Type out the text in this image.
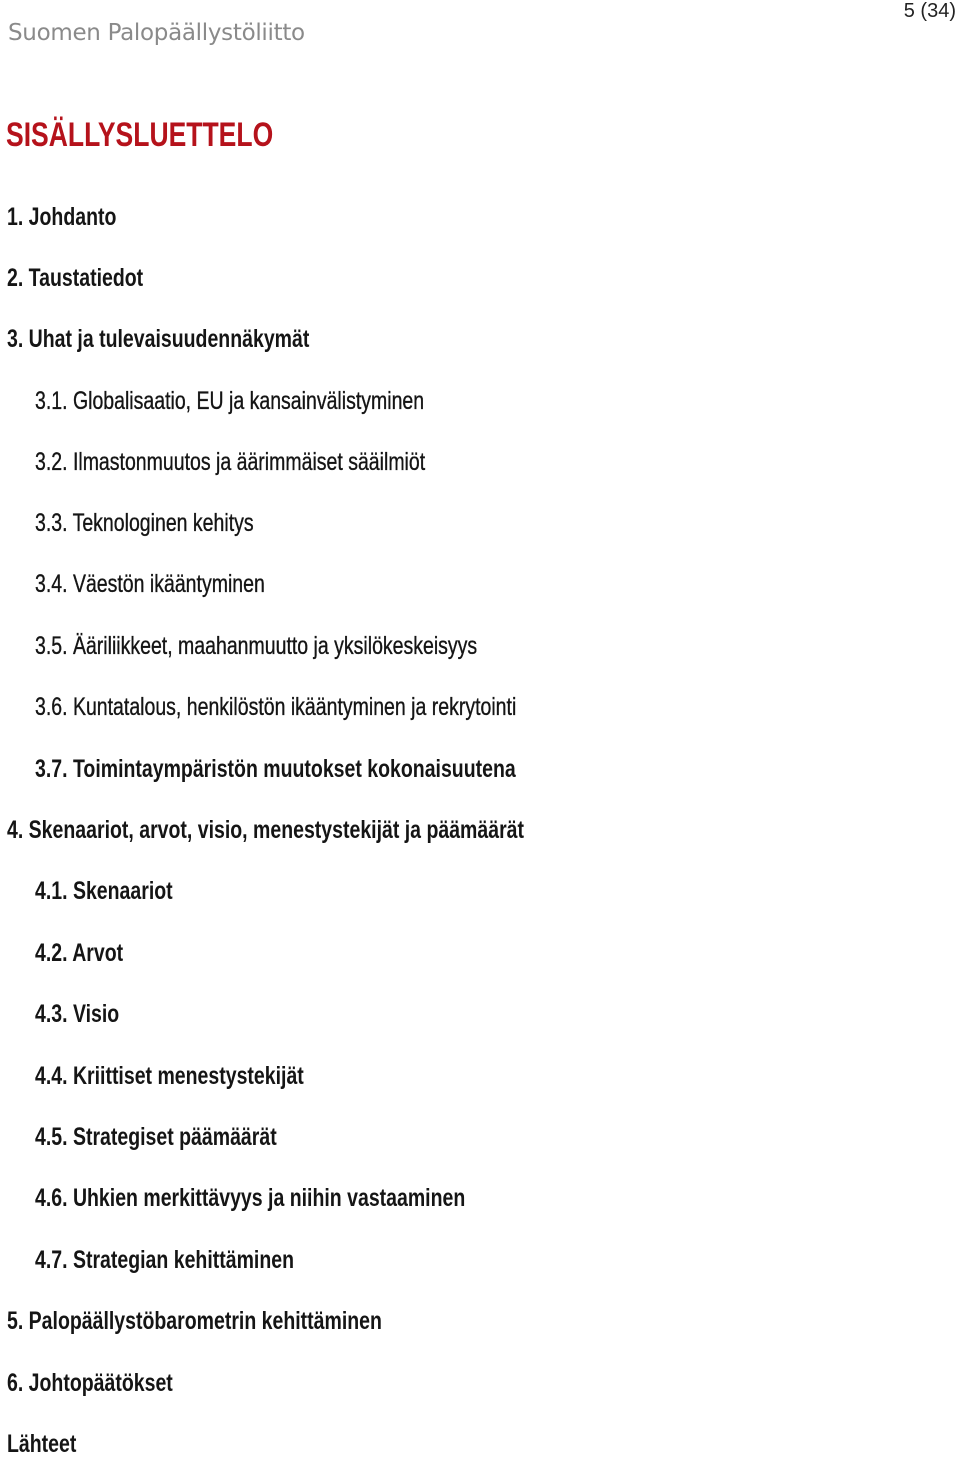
Suomen Palopäällystöliitto
5 (34)
SISÄLLYSLUETTELO
1. Johdanto
2. Taustatiedot
3. Uhat ja tulevaisuudennäkymät
3.1. Globalisaatio, EU ja kansainvälistyminen
3.2. Ilmastonmuutos ja äärimmäiset sääilmiöt
3.3. Teknologinen kehitys
3.4. Väestön ikääntyminen
3.5. Ääriliikkeet, maahanmuutto ja yksilökeskeisyys
3.6. Kuntatalous, henkilöstön ikääntyminen ja rekrytointi
3.7. Toimintaympäristön muutokset kokonaisuutena
4. Skenaariot, arvot, visio, menestystekijät ja päämäärät
4.1. Skenaariot
4.2. Arvot
4.3. Visio
4.4. Kriittiset menestystekijät
4.5. Strategiset päämäärät
4.6. Uhkien merkittävyys ja niihin vastaaminen
4.7. Strategian kehittäminen
5. Palopäällystöbarometrin kehittäminen
6. Johtopäätökset
Lähteet
